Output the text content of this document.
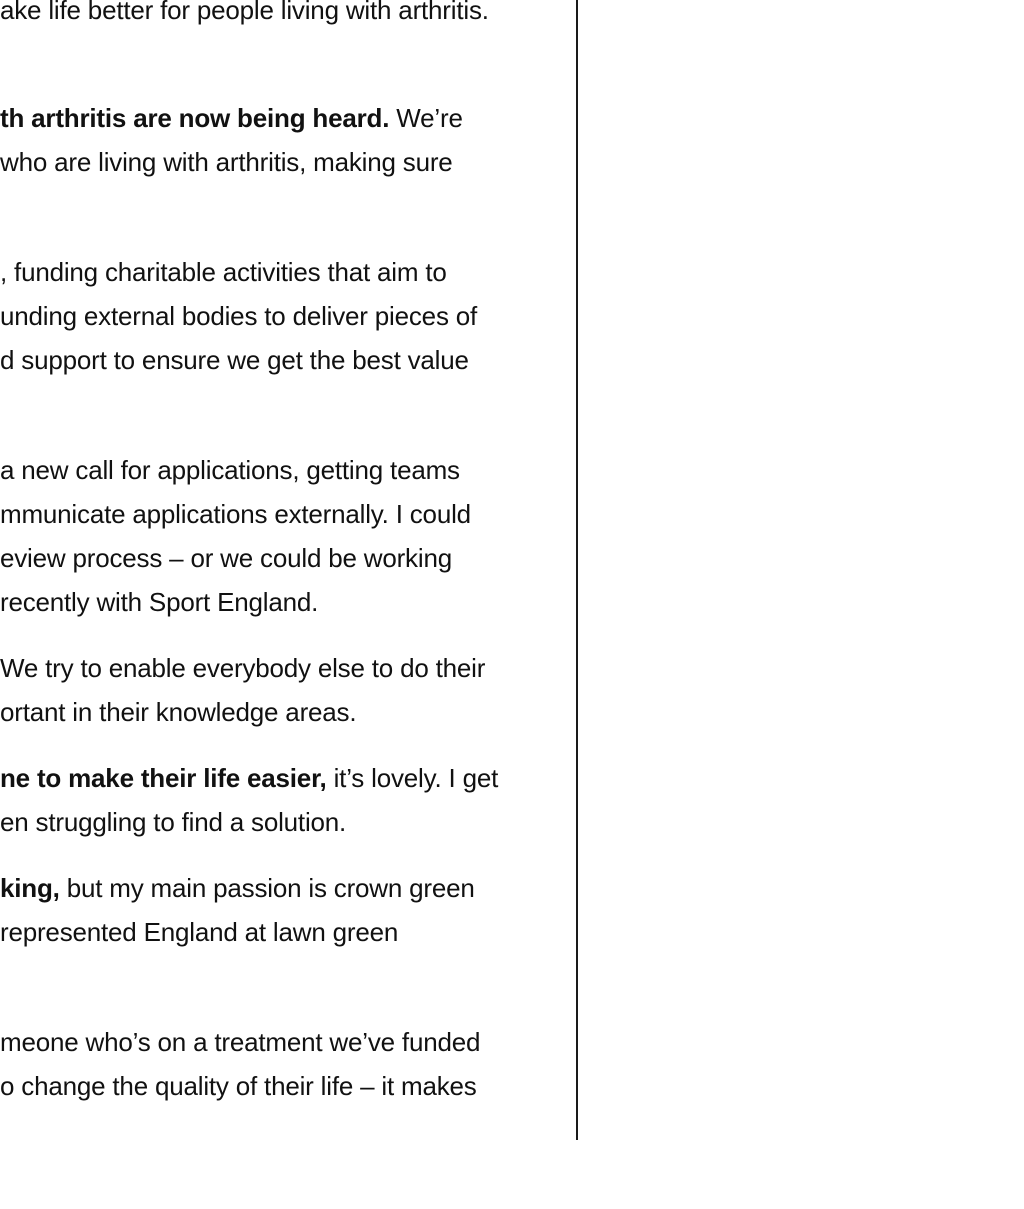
ake life better for people living with arthritis.
th arthritis are now being heard. We’re
who are living with arthritis, making sure
, funding charitable activities that aim to
unding external bodies to deliver pieces of
d support to ensure we get the best value
a new call for applications, getting teams
mmunicate applications externally. I could
eview process – or we could be working
recently with Sport England.
We try to enable everybody else to do their
ortant in their knowledge areas.
ne to make their life easier, it’s lovely. I get
en struggling to find a solution.
king, but my main passion is crown green
represented England at lawn green
meone who’s on a treatment we’ve funded
o change the quality of their life – it makes
